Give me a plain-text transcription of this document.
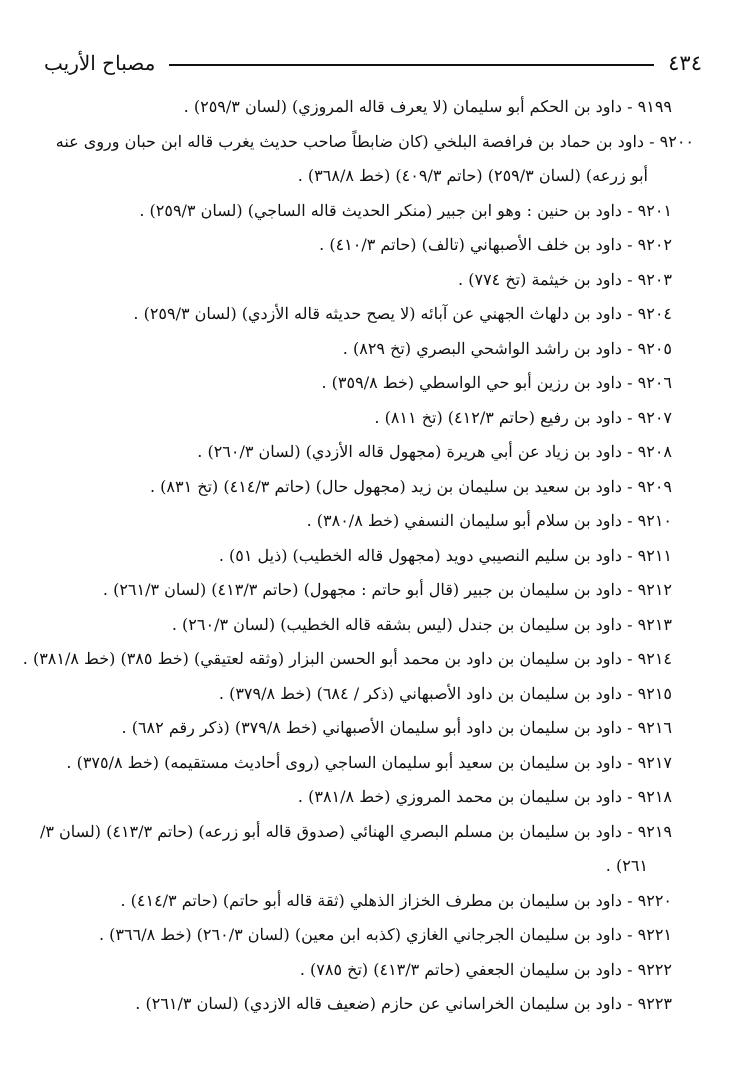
مصباح الأريب	٤٣٤
٩١٩٩ - داود بن الحكم أبو سليمان (لا يعرف قاله المروزي) (لسان ٢٥٩/٣) .
٩٢٠٠ - داود بن حماد بن فرافصة البلخي (كان ضابطاً صاحب حديث يغرب قاله ابن حبان وروى عنه
أبو زرعه) (لسان ٢٥٩/٣) (حاتم ٤٠٩/٣) (خط ٣٦٨/٨) .
٩٢٠١ - داود بن حنين : وهو ابن جبير (منكر الحديث قاله الساجي) (لسان ٢٥٩/٣) .
٩٢٠٢ - داود بن خلف الأصبهاني (تالف) (حاتم ٤١٠/٣) .
٩٢٠٣ - داود بن خيثمة (تخ ٧٧٤) .
٩٢٠٤ - داود بن دلهاث الجهني عن آبائه (لا يصح حديثه قاله الأزدي) (لسان ٢٥٩/٣) .
٩٢٠٥ - داود بن راشد الواشحي البصري (تخ ٨٢٩) .
٩٢٠٦ - داود بن رزين أبو حي الواسطي (خط ٣٥٩/٨) .
٩٢٠٧ - داود بن رفيع (حاتم ٤١٢/٣) (تخ ٨١١) .
٩٢٠٨ - داود بن زياد عن أبي هريرة (مجهول قاله الأزدي) (لسان ٢٦٠/٣) .
٩٢٠٩ - داود بن سعيد بن سليمان بن زيد (مجهول حال) (حاتم ٤١٤/٣) (تخ ٨٣١) .
٩٢١٠ - داود بن سلام أبو سليمان النسفي (خط ٣٨٠/٨) .
٩٢١١ - داود بن سليم النصيبي دويد (مجهول قاله الخطيب) (ذيل ٥١) .
٩٢١٢ - داود بن سليمان بن جبير (قال أبو حاتم : مجهول) (حاتم ٤١٣/٣) (لسان ٢٦١/٣) .
٩٢١٣ - داود بن سليمان بن جندل (ليس بشقه قاله الخطيب) (لسان ٢٦٠/٣) .
٩٢١٤ - داود بن سليمان بن داود بن محمد أبو الحسن البزار (وثقه لعتيقي) (خط ٣٨٥) (خط ٣٨١/٨) .
٩٢١٥ - داود بن سليمان بن داود الأصبهاني (ذكر / ٦٨٤) (خط ٣٧٩/٨) .
٩٢١٦ - داود بن سليمان بن داود أبو سليمان الأصبهاني (خط ٣٧٩/٨) (ذكر رقم ٦٨٢) .
٩٢١٧ - داود بن سليمان بن سعيد أبو سليمان الساجي (روى أحاديث مستقيمه) (خط ٣٧٥/٨) .
٩٢١٨ - داود بن سليمان بن محمد المروزي (خط ٣٨١/٨) .
٩٢١٩ - داود بن سليمان بن مسلم البصري الهنائي (صدوق قاله أبو زرعه) (حاتم ٤١٣/٣) (لسان ٣/
٢٦١) .
٩٢٢٠ - داود بن سليمان بن مطرف الخزاز الذهلي (ثقة قاله أبو حاتم) (حاتم ٤١٤/٣) .
٩٢٢١ - داود بن سليمان الجرجاني الغازي (كذبه ابن معين) (لسان ٢٦٠/٣) (خط ٣٦٦/٨) .
٩٢٢٢ - داود بن سليمان الجعفي (حاتم ٤١٣/٣) (تخ ٧٨٥) .
٩٢٢٣ - داود بن سليمان الخراساني عن حازم (ضعيف قاله الازدي) (لسان ٢٦١/٣) .
